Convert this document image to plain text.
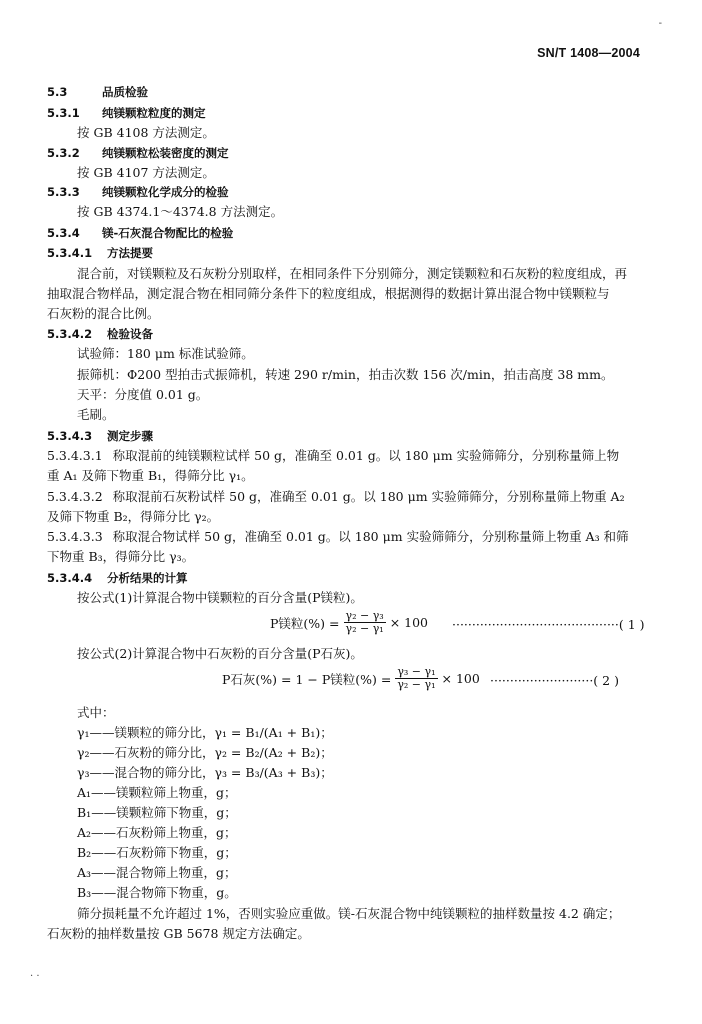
SN/T 1408—2004
-
5.3	品质检验
5.3.1 纯镁颗粒粒度的测定
按 GB 4108 方法测定。
5.3.2 纯镁颗粒松装密度的测定
按 GB 4107 方法测定。
5.3.3 纯镁颗粒化学成分的检验
按 GB 4374.1～4374.8 方法测定。
5.3.4 镁-石灰混合物配比的检验
5.3.4.1 方法提要
混合前，对镁颗粒及石灰粉分别取样，在相同条件下分别筛分，测定镁颗粒和石灰粉的粒度组成，再
抽取混合物样品，测定混合物在相同筛分条件下的粒度组成，根据测得的数据计算出混合物中镁颗粒与
石灰粉的混合比例。
5.3.4.2 检验设备
试验筛：180 μm 标准试验筛。
振筛机：Φ200 型拍击式振筛机，转速 290 r/min，拍击次数 156 次/min，拍击高度 38 mm。
天平：分度值 0.01 g。
毛刷。
5.3.4.3 测定步骤
5.3.4.3.1 称取混前的纯镁颗粒试样 50 g，准确至 0.01 g。以 180 μm 实验筛筛分，分别称量筛上物
重 A₁ 及筛下物重 B₁，得筛分比 γ₁。
5.3.4.3.2 称取混前石灰粉试样 50 g，准确至 0.01 g。以 180 μm 实验筛筛分，分别称量筛上物重 A₂
及筛下物重 B₂，得筛分比 γ₂。
5.3.4.3.3 称取混合物试样 50 g，准确至 0.01 g。以 180 μm 实验筛筛分，分别称量筛上物重 A₃ 和筛
下物重 B₃，得筛分比 γ₃。
5.3.4.4 分析结果的计算
按公式(1)计算混合物中镁颗粒的百分含量(P镁粒)。
P镁粒(%) = $\frac{\text{γ₂ − γ₃}}{\text{γ₂ − γ₁}} \times 100$ ··········································( 1 )
按公式(2)计算混合物中石灰粉的百分含量(P石灰)。
P石灰(%) = 1 − P镁粒(%) = $\frac{\text{γ₃ − γ₁}}{\text{γ₂ − γ₁}} \times 100$ ··························( 2 )
式中：
γ₁——镁颗粒的筛分比，γ₁ = B₁/(A₁ + B₁)；
γ₂——石灰粉的筛分比，γ₂ = B₂/(A₂ + B₂)；
γ₃——混合物的筛分比，γ₃ = B₃/(A₃ + B₃)；
A₁——镁颗粒筛上物重，g；
B₁——镁颗粒筛下物重，g；
A₂——石灰粉筛上物重，g；
B₂——石灰粉筛下物重，g；
A₃——混合物筛上物重，g；
B₃——混合物筛下物重，g。
筛分损耗量不允许超过 1%，否则实验应重做。镁-石灰混合物中纯镁颗粒的抽样数量按 4.2 确定；
石灰粉的抽样数量按 GB 5678 规定方法确定。
. .
